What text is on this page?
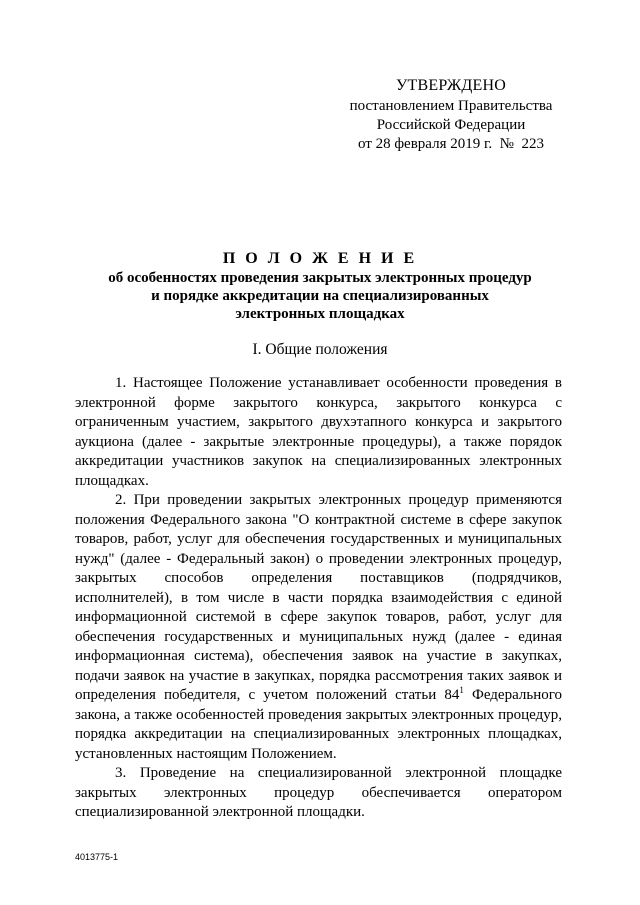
УТВЕРЖДЕНО
постановлением Правительства
Российской Федерации
от 28 февраля 2019 г.  №  223
П О Л О Ж Е Н И Е
об особенностях проведения закрытых электронных процедур
и порядке аккредитации на специализированных
электронных площадках
I. Общие положения

1. Настоящее Положение устанавливает особенности проведения в электронной форме закрытого конкурса, закрытого конкурса с ограниченным участием, закрытого двухэтапного конкурса и закрытого аукциона (далее - закрытые электронные процедуры), а также порядок аккредитации участников закупок на специализированных электронных площадках.

2. При проведении закрытых электронных процедур применяются положения Федерального закона "О контрактной системе в сфере закупок товаров, работ, услуг для обеспечения государственных и муниципальных нужд" (далее - Федеральный закон) о проведении электронных процедур, закрытых способов определения поставщиков (подрядчиков, исполнителей), в том числе в части порядка взаимодействия с единой информационной системой в сфере закупок товаров, работ, услуг для обеспечения государственных и муниципальных нужд (далее - единая информационная система), обеспечения заявок на участие в закупках, подачи заявок на участие в закупках, порядка рассмотрения таких заявок и определения победителя, с учетом положений статьи $84^1$ Федерального закона, а также особенностей проведения закрытых электронных процедур, порядка аккредитации на специализированных электронных площадках, установленных настоящим Положением.

3. Проведение на специализированной электронной площадке закрытых электронных процедур обеспечивается оператором специализированной электронной площадки.

4013775-1
